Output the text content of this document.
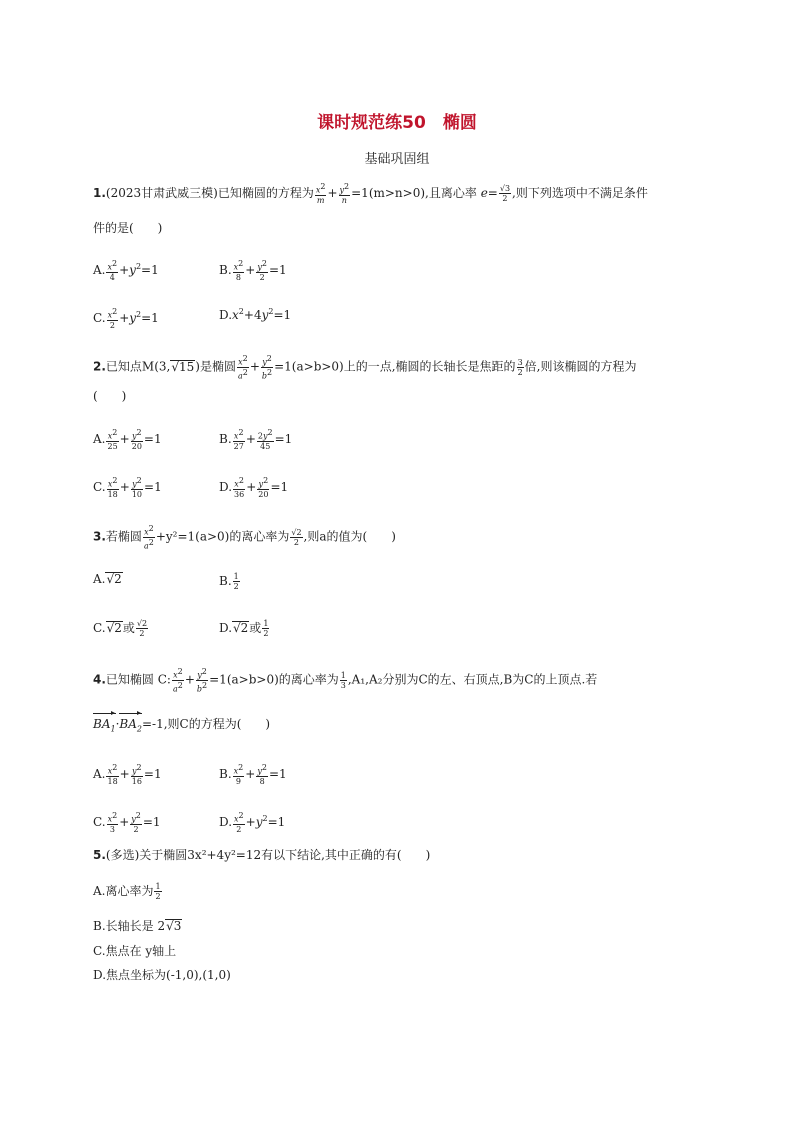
课时规范练50　椭圆
基础巩固组
1.(2023甘肃武威三模)已知椭圆的方程为 $\frac{x^2}{m} + \frac{y^2}{n} =1(m>n>0)$,且离心率 $e= \frac{√3}{2}$ ,则下列选项中不满足条件
件的是(　　)
A. $\frac{x^2}{4} +y^2=1$	B. $\frac{x^2}{8} + \frac{y^2}{2} =1$
C. $\frac{x^2}{2} +y^2=1$	$D.x^2+4y^2=1$
2.已知点M(3,√15)是椭圆 $\frac{x^2}{a^2} + \frac{y^2}{b^2} =1(a>b>0)$上的一点,椭圆的长轴长是焦距的 $\frac{3}{2}$ 倍,则该椭圆的方程为
(　　)
A. $\frac{x^2}{25} + \frac{y^2}{20} =1$	B. $\frac{x^2}{27} + \frac{2y^2}{45} =1$
C. $\frac{x^2}{18} + \frac{y^2}{10} =1$	D. $\frac{x^2}{36} + \frac{y^2}{20} =1$
3.若椭圆 $\frac{x^2}{a^2} +y^2=1(a>0)$的离心率为 $\frac{√2}{2}$ ,则a的值为(　　)
A.√2	B. $\frac{1}{2}$
C.√2或 $\frac{√2}{2}$	D.√2或 $\frac{1}{2}$
4.已知椭圆 C: $\frac{x^2}{a^2} + \frac{y^2}{b^2} =1(a>b>0)$的离心率为 $\frac{1}{3} ,A_1,A_2$分别为C的左、右顶点,B为C的上顶点.若
$BA_1\cdot BA_2=-1$,则C的方程为(　　)
A. $\frac{x^2}{18} + \frac{y^2}{16} =1$	B. $\frac{x^2}{9} + \frac{y^2}{8} =1$
C. $\frac{x^2}{3} + \frac{y^2}{2} =1$	D. $\frac{x^2}{2} +y^2=1$
5.(多选)关于椭圆3x²+4y²=12有以下结论,其中正确的有(　　)
A.离心率为 $\frac{1}{2}$
B.长轴长是 2√3
C.焦点在 y轴上
D.焦点坐标为(-1,0),(1,0)
